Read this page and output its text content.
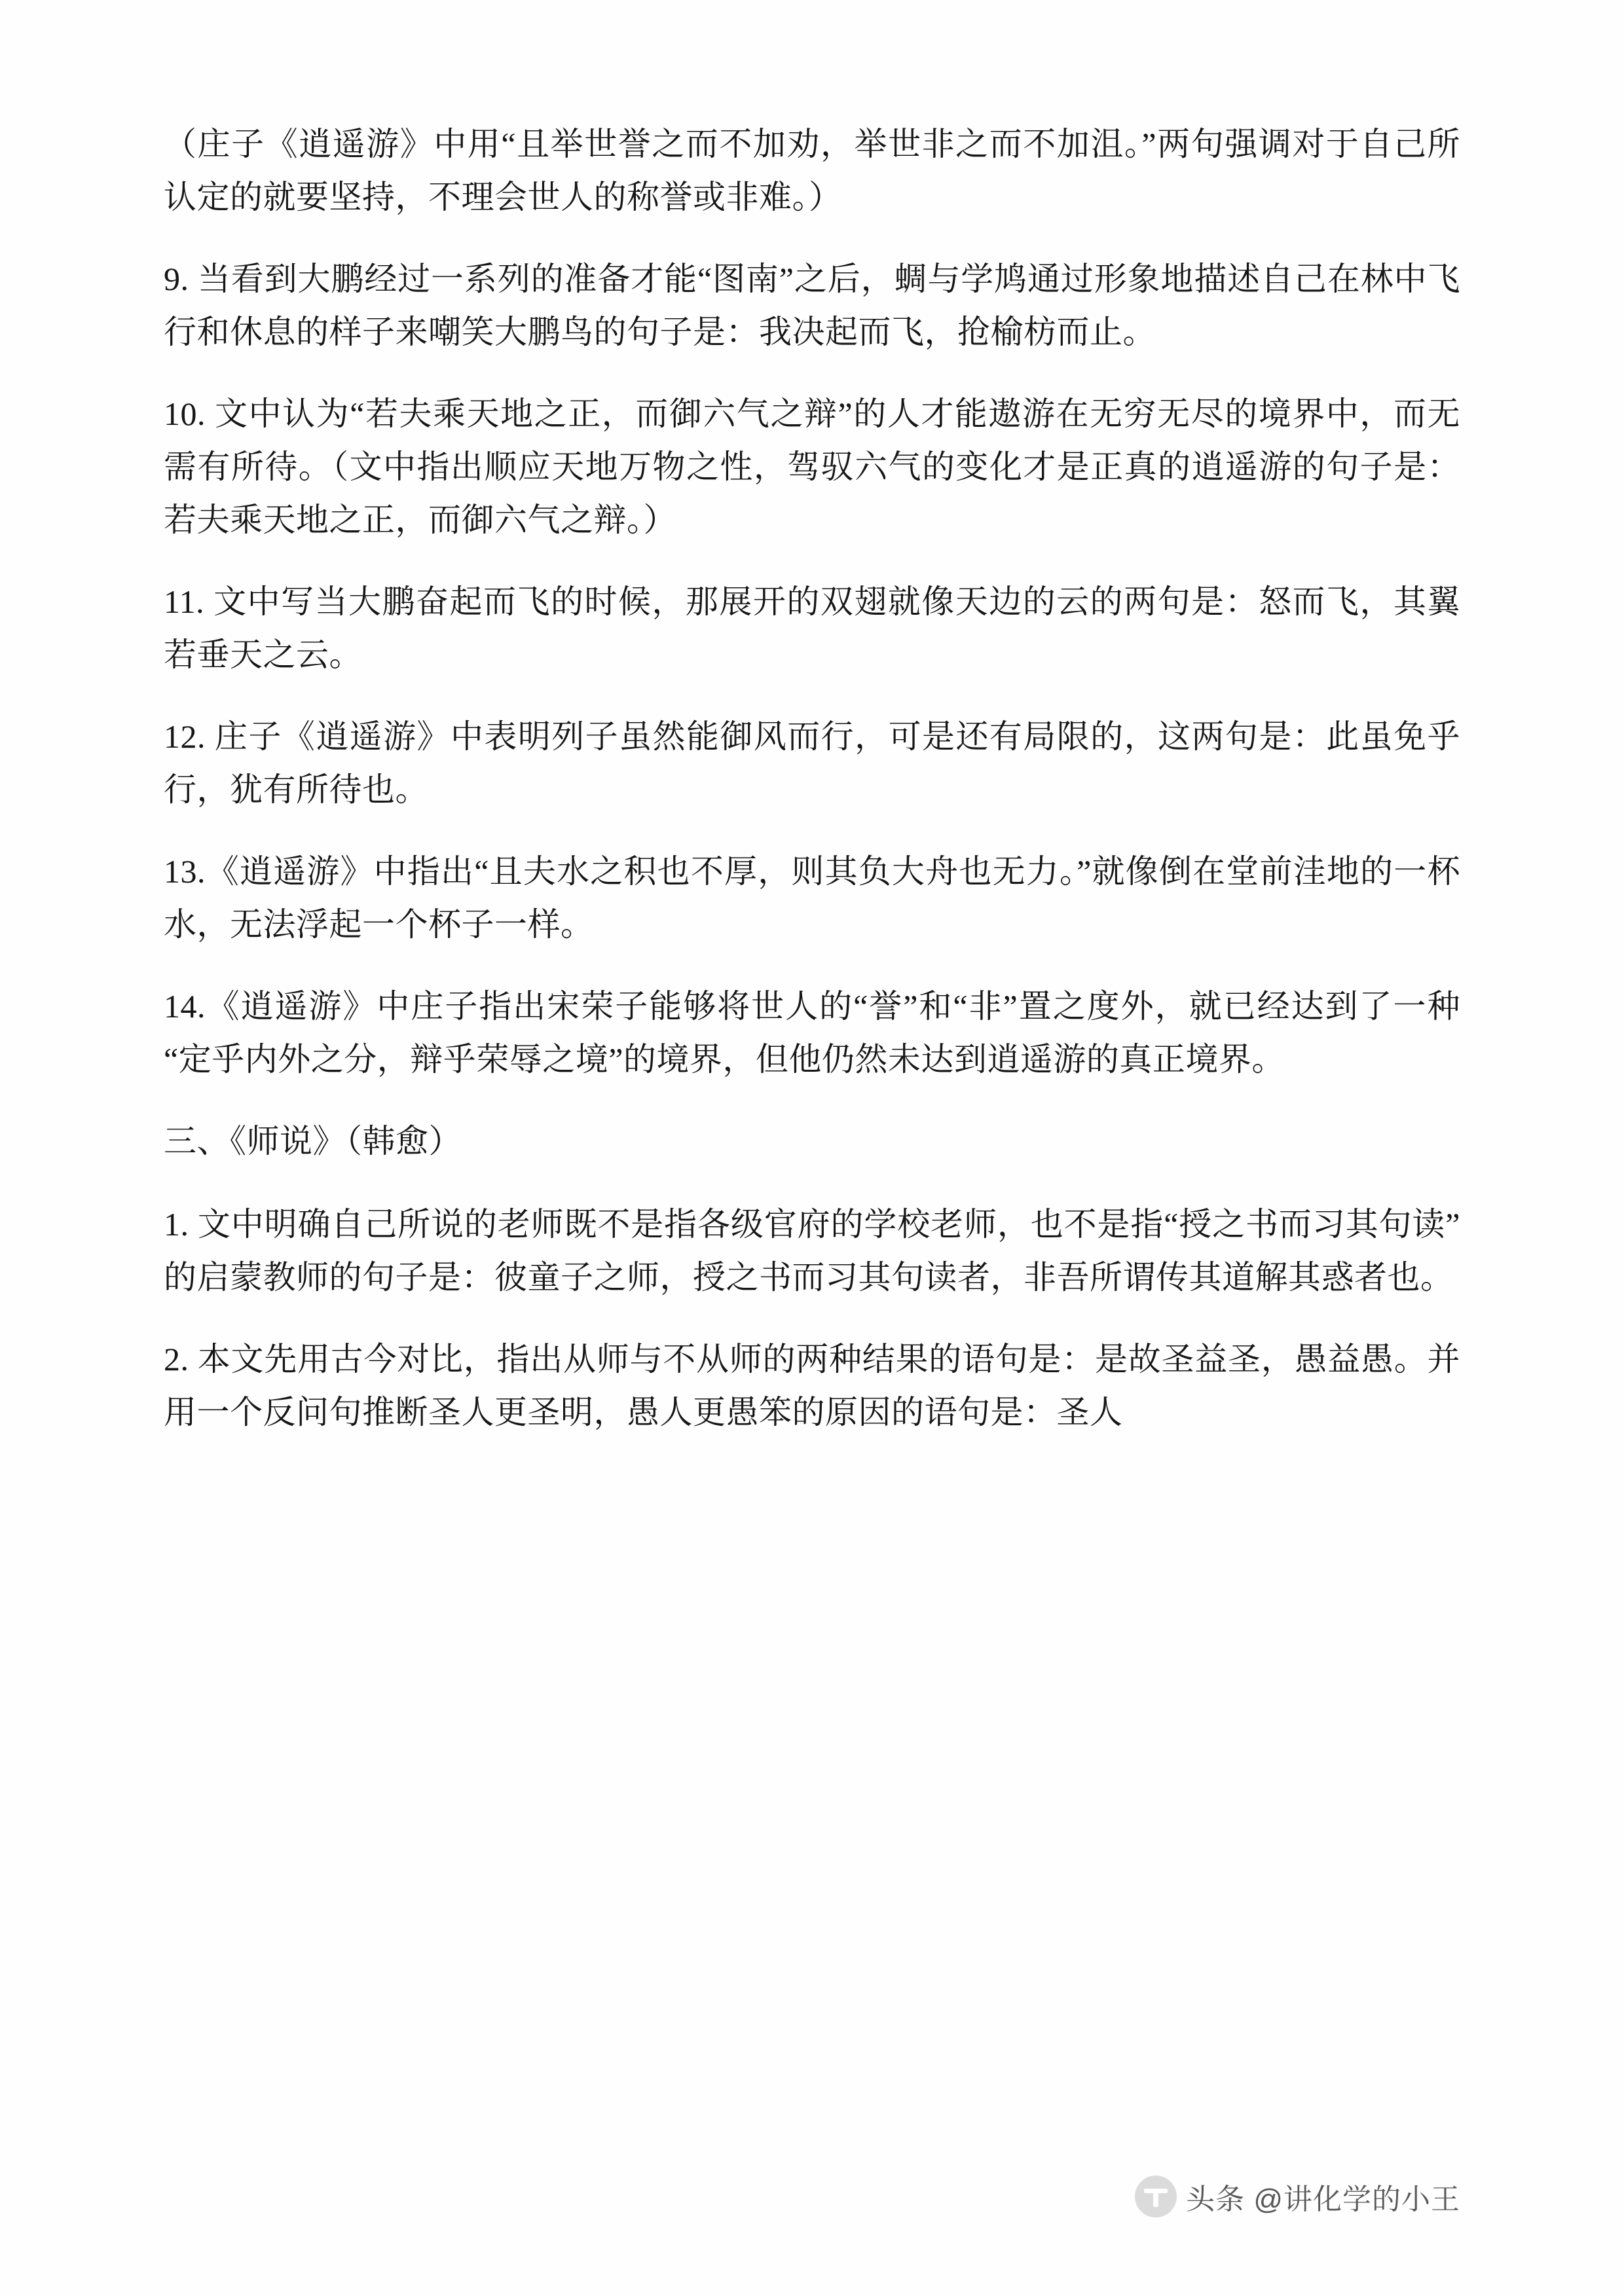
（庄子《逍遥游》中用“且举世誉之而不加劝，举世非之而不加沮。”两句强调对于自己所认定的就要坚持，不理会世人的称誉或非难。）

9. 当看到大鹏经过一系列的准备才能“图南”之后，蜩与学鸠通过形象地描述自己在林中飞行和休息的样子来嘲笑大鹏鸟的句子是：我决起而飞，抢榆枋而止。

10. 文中认为“若夫乘天地之正，而御六气之辩”的人才能遨游在无穷无尽的境界中，而无需有所待。（文中指出顺应天地万物之性，驾驭六气的变化才是正真的逍遥游的句子是：若夫乘天地之正，而御六气之辩。）

11. 文中写当大鹏奋起而飞的时候，那展开的双翅就像天边的云的两句是：怒而飞，其翼若垂天之云。

12. 庄子《逍遥游》中表明列子虽然能御风而行，可是还有局限的，这两句是：此虽免乎行，犹有所待也。

13.《逍遥游》中指出“且夫水之积也不厚，则其负大舟也无力。”就像倒在堂前洼地的一杯水，无法浮起一个杯子一样。

14.《逍遥游》中庄子指出宋荣子能够将世人的“誉”和“非”置之度外，就已经达到了一种“定乎内外之分，辩乎荣辱之境”的境界，但他仍然未达到逍遥游的真正境界。

三、《师说》（韩愈）

1. 文中明确自己所说的老师既不是指各级官府的学校老师，也不是指“授之书而习其句读”的启蒙教师的句子是：彼童子之师，授之书而习其句读者，非吾所谓传其道解其惑者也。

2. 本文先用古今对比，指出从师与不从师的两种结果的语句是：是故圣益圣，愚益愚。并用一个反问句推断圣人更圣明，愚人更愚笨的原因的语句是：圣人

头条 @讲化学的小王
